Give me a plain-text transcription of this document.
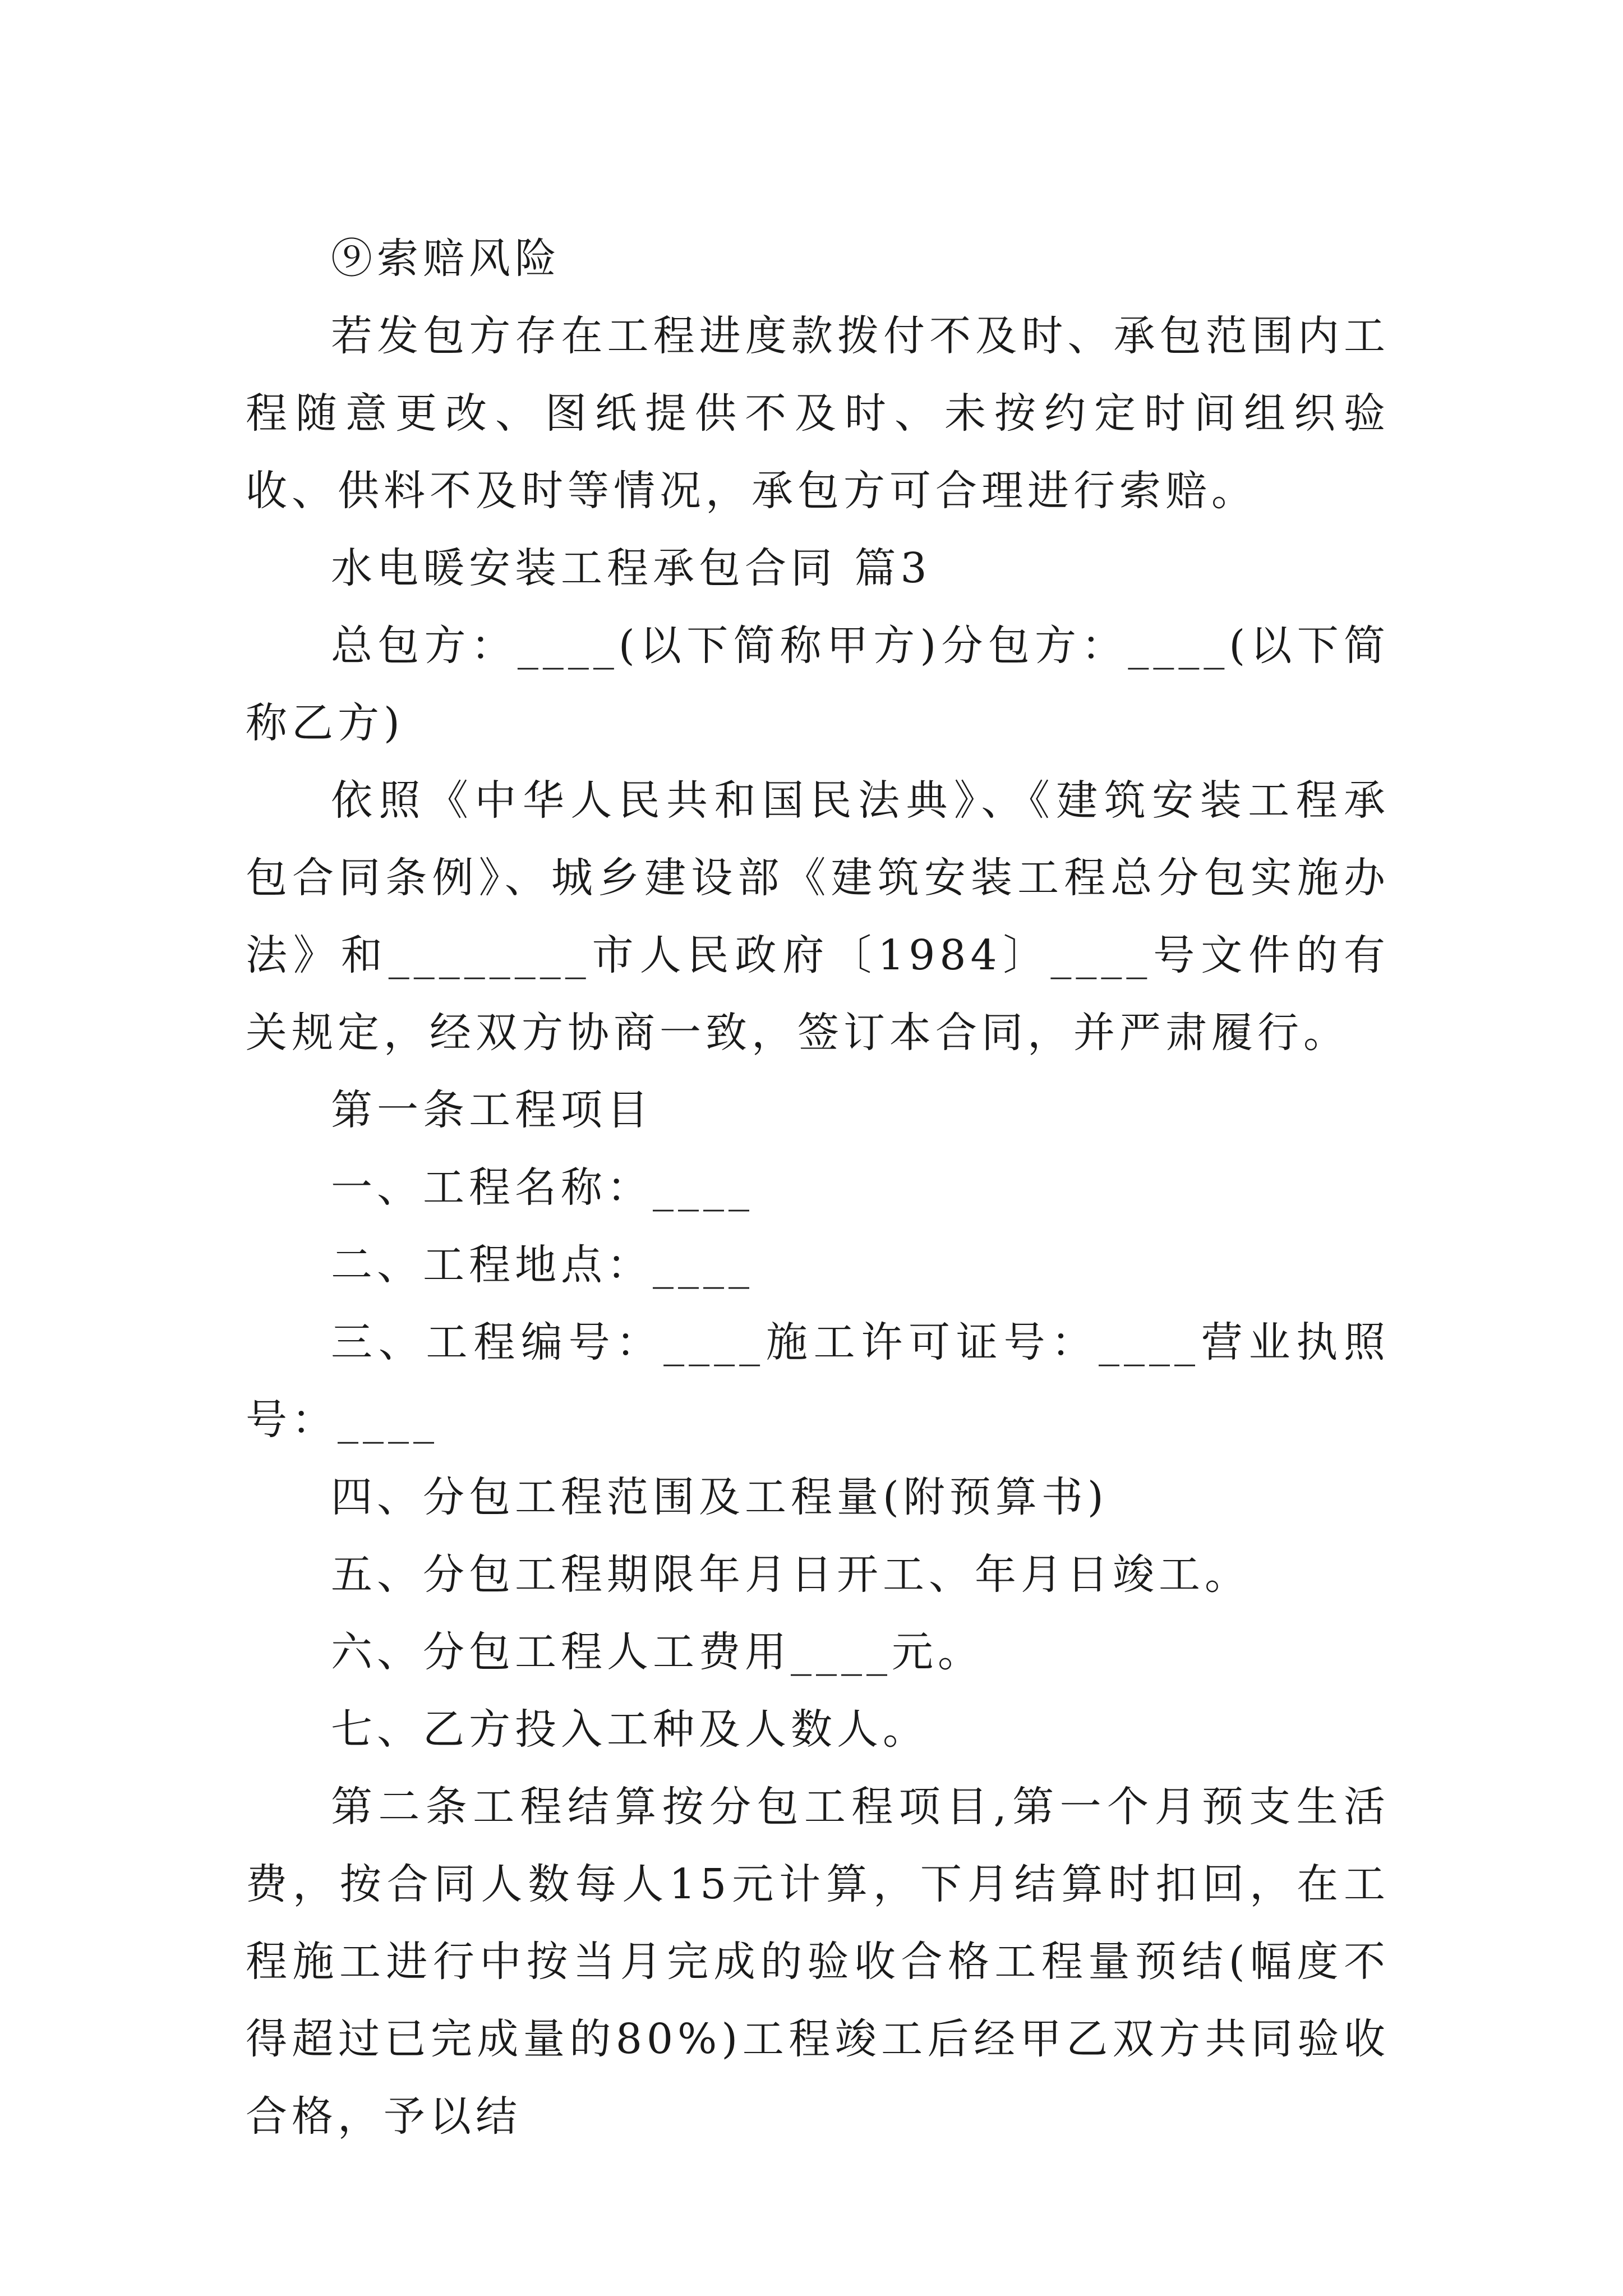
⑨索赔风险

若发包方存在工程进度款拨付不及时、承包范围内工程随意更改、图纸提供不及时、未按约定时间组织验收、供料不及时等情况，承包方可合理进行索赔。

水电暖安装工程承包合同 篇3

总包方：____(以下简称甲方)分包方：____(以下简称乙方)

依照《中华人民共和国民法典》、《建筑安装工程承包合同条例》、城乡建设部《建筑安装工程总分包实施办法》和________市人民政府〔1984〕____号文件的有关规定，经双方协商一致，签订本合同，并严肃履行。

第一条工程项目

一、工程名称：____

二、工程地点：____

三、工程编号：____施工许可证号：____营业执照号：____

四、分包工程范围及工程量(附预算书)

五、分包工程期限年月日开工、年月日竣工。

六、分包工程人工费用____元。

七、乙方投入工种及人数人。

第二条工程结算按分包工程项目,第一个月预支生活费，按合同人数每人15元计算，下月结算时扣回，在工程施工进行中按当月完成的验收合格工程量预结(幅度不得超过已完成量的80%)工程竣工后经甲乙双方共同验收合格，予以结
